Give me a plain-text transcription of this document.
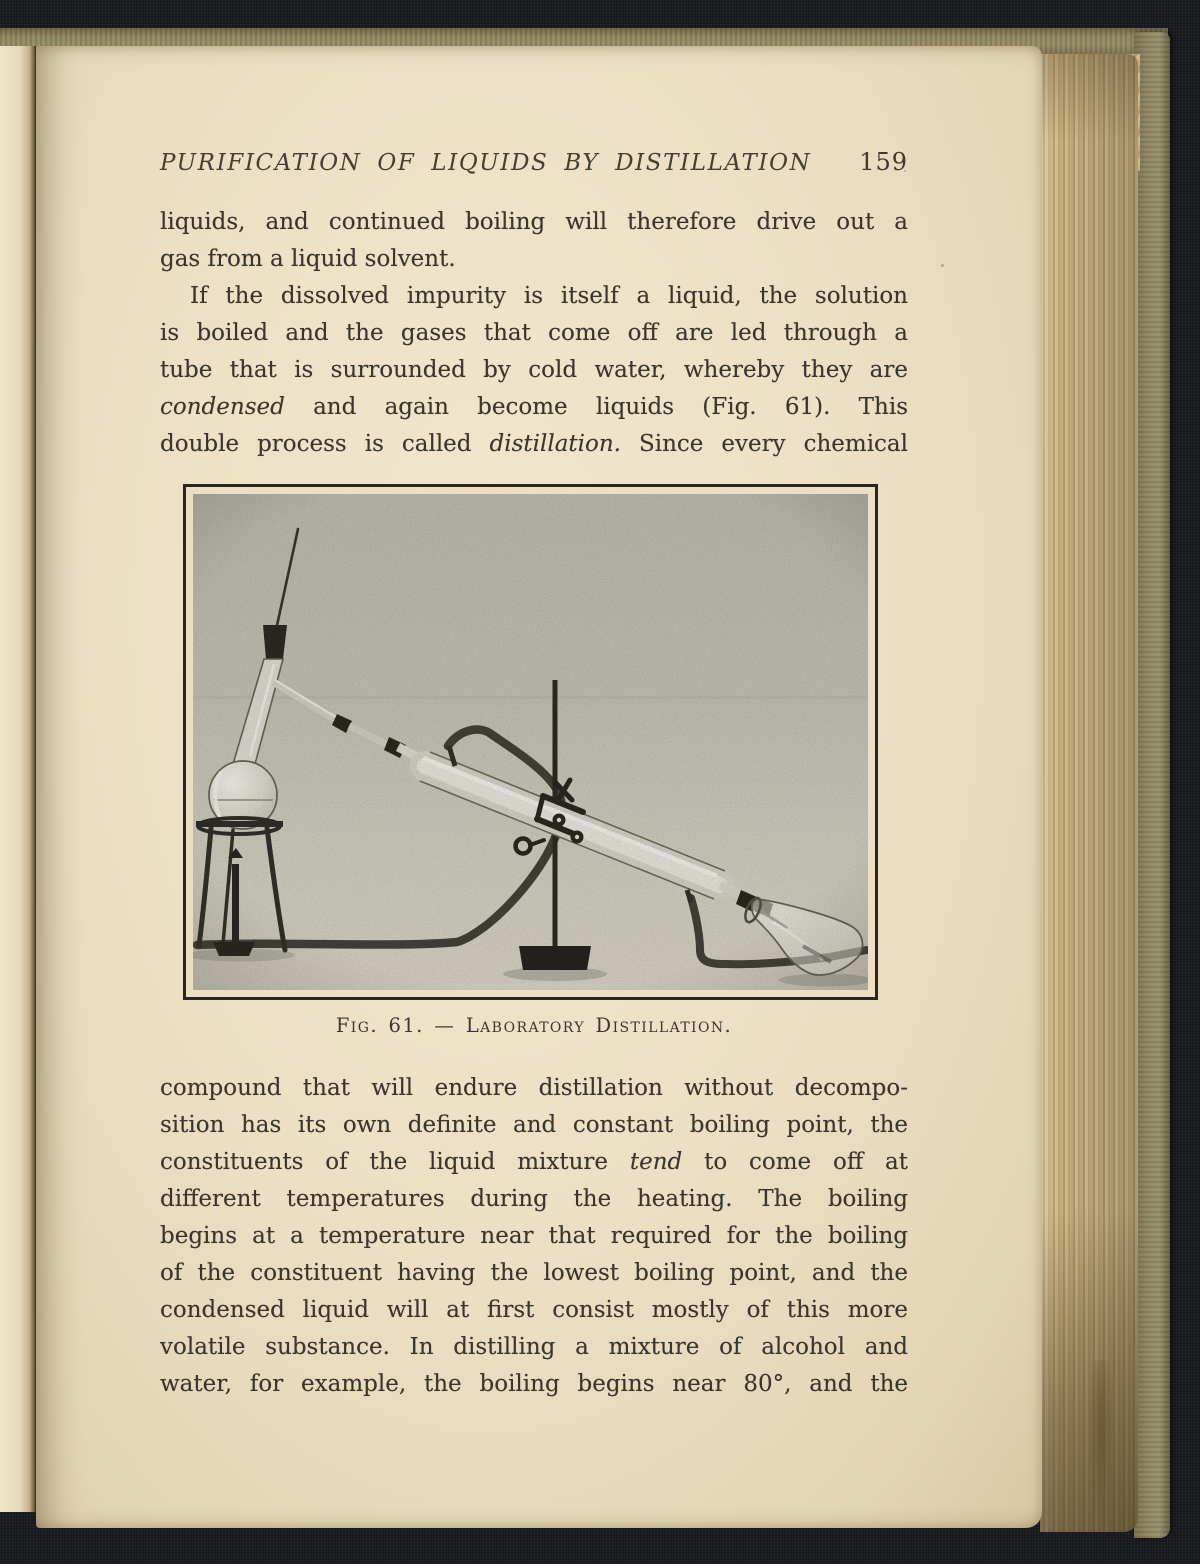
PURIFICATION OF LIQUIDS BY DISTILLATION 159
liquids, and continued boiling will therefore drive out a
gas from a liquid solvent.
If the dissolved impurity is itself a liquid, the solution
is boiled and the gases that come off are led through a
tube that is surrounded by cold water, whereby they are
condensed and again become liquids (Fig. 61). This
double process is called distillation. Since every chemical
Fig. 61. — Laboratory Distillation.
compound that will endure distillation without decompo-
sition has its own definite and constant boiling point, the
constituents of the liquid mixture tend to come off at
different temperatures during the heating. The boiling
begins at a temperature near that required for the boiling
of the constituent having the lowest boiling point, and the
condensed liquid will at first consist mostly of this more
volatile substance. In distilling a mixture of alcohol and
water, for example, the boiling begins near 80°, and the
